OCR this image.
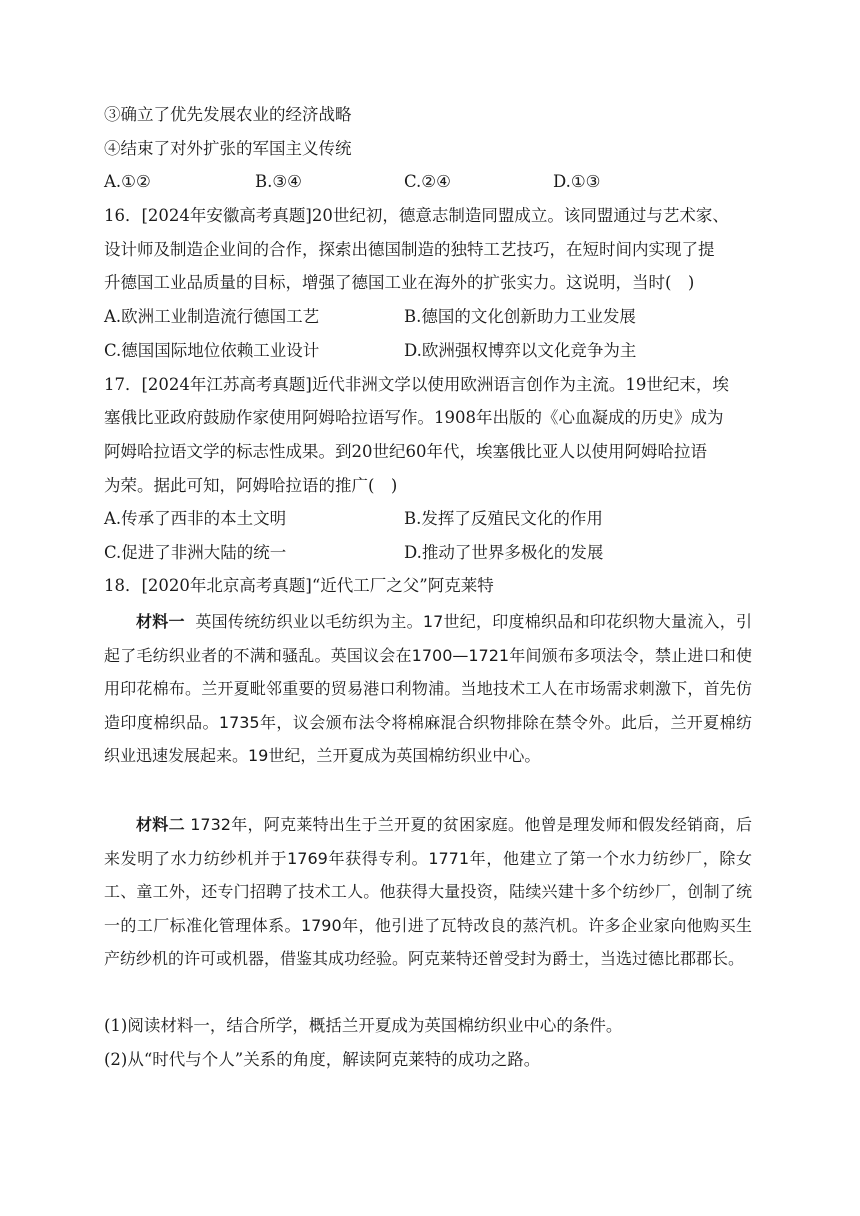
③确立了优先发展农业的经济战略
④结束了对外扩张的军国主义传统
A.①②	B.③④	C.②④	D.①③
16．[2024年安徽高考真题]20世纪初，德意志制造同盟成立。该同盟通过与艺术家、
设计师及制造企业间的合作，探索出德国制造的独特工艺技巧，在短时间内实现了提
升德国工业品质量的目标，增强了德国工业在海外的扩张实力。这说明，当时(　)
A.欧洲工业制造流行德国工艺	B.德国的文化创新助力工业发展
C.德国国际地位依赖工业设计	D.欧洲强权博弈以文化竞争为主
17．[2024年江苏高考真题]近代非洲文学以使用欧洲语言创作为主流。19世纪末，埃
塞俄比亚政府鼓励作家使用阿姆哈拉语写作。1908年出版的《心血凝成的历史》成为
阿姆哈拉语文学的标志性成果。到20世纪60年代，埃塞俄比亚人以使用阿姆哈拉语
为荣。据此可知，阿姆哈拉语的推广(　)
A.传承了西非的本土文明	B.发挥了反殖民文化的作用
C.促进了非洲大陆的统一	D.推动了世界多极化的发展
18．[2020年北京高考真题]“近代工厂之父”阿克莱特

材料一 英国传统纺织业以毛纺织为主。17世纪，印度棉织品和印花织物大量流入，引起了毛纺织业者的不满和骚乱。英国议会在1700—1721年间颁布多项法令，禁止进口和使用印花棉布。兰开夏毗邻重要的贸易港口利物浦。当地技术工人在市场需求刺激下，首先仿造印度棉织品。1735年，议会颁布法令将棉麻混合织物排除在禁令外。此后，兰开夏棉纺织业迅速发展起来。19世纪，兰开夏成为英国棉纺织业中心。

材料二 1732年，阿克莱特出生于兰开夏的贫困家庭。他曾是理发师和假发经销商，后来发明了水力纺纱机并于1769年获得专利。1771年，他建立了第一个水力纺纱厂，除女工、童工外，还专门招聘了技术工人。他获得大量投资，陆续兴建十多个纺纱厂，创制了统一的工厂标准化管理体系。1790年，他引进了瓦特改良的蒸汽机。许多企业家向他购买生产纺纱机的许可或机器，借鉴其成功经验。阿克莱特还曾受封为爵士，当选过德比郡郡长。

(1)阅读材料一，结合所学，概括兰开夏成为英国棉纺织业中心的条件。
(2)从“时代与个人”关系的角度，解读阿克莱特的成功之路。
